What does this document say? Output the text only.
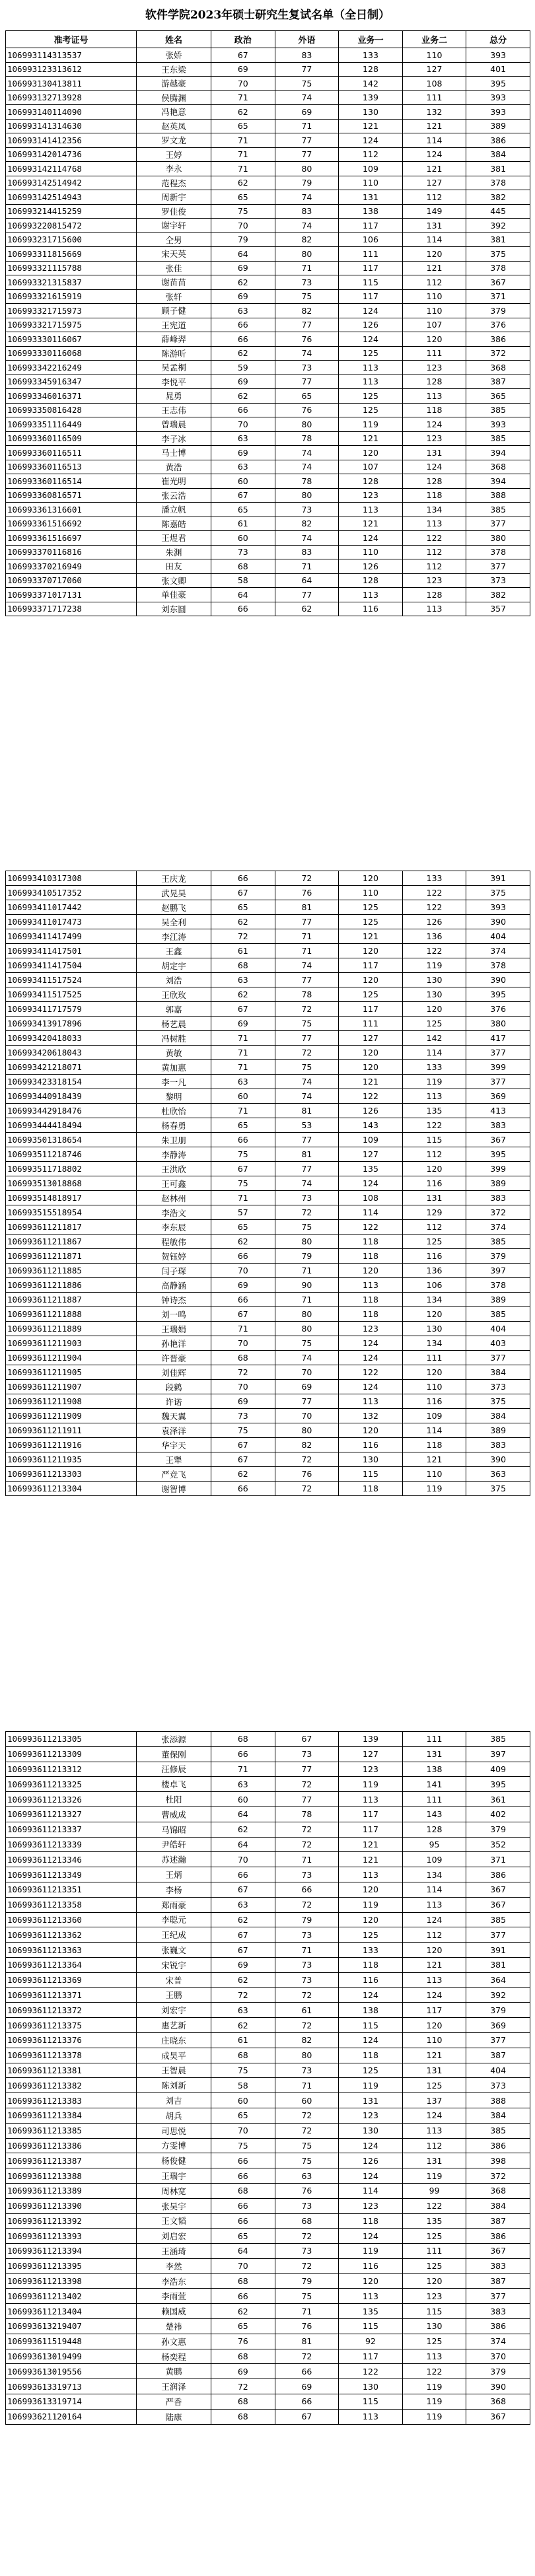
软件学院2023年硕士研究生复试名单（全日制）
准考证号	姓名	政治	外语	业务一	业务二	总分
106993114313537	张娇	67	83	133	110	393
106993123313612	王东梁	69	77	128	127	401
106993130413811	游越豪	70	75	142	108	395
106993132713928	侯腾渊	71	74	139	111	393
106993140114090	冯艳意	62	69	130	132	393
106993141314630	赵英凤	65	71	121	121	389
106993141412356	罗文龙	71	77	124	114	386
106993142014736	王婷	71	77	112	124	384
106993142114768	李永	71	80	109	121	381
106993142514942	范程杰	62	79	110	127	378
106993142514943	周新宇	65	74	131	112	382
106993214415259	罗佳俊	75	83	138	149	445
106993220815472	谢宇轩	70	74	117	131	392
106993231715600	仝男	79	82	106	114	381
106993311815669	宋天英	64	80	111	120	375
106993321115788	张佳	69	71	117	121	378
106993321315837	谢苗苗	62	73	115	112	367
106993321615919	张轩	69	75	117	110	371
106993321715973	顾子健	63	82	124	110	379
106993321715975	王宪道	66	77	126	107	376
106993330116067	薛峰羿	66	76	124	120	386
106993330116068	陈游昕	62	74	125	111	372
106993342216249	吴孟桐	59	73	113	123	368
106993345916347	李悦平	69	77	113	128	387
106993346016371	晁勇	62	65	125	113	365
106993350816428	王志伟	66	76	125	118	385
106993351116449	曾瑞晨	70	80	119	124	393
106993360116509	李子冰	63	78	121	123	385
106993360116511	马士博	69	74	120	131	394
106993360116513	黄浩	63	74	107	124	368
106993360116514	崔光明	60	78	128	128	394
106993360816571	张云浩	67	80	123	118	388
106993361316601	潘立帆	65	73	113	134	385
106993361516692	陈嘉皓	61	82	121	113	377
106993361516697	王煜君	60	74	124	122	380
106993370116816	朱渊	73	83	110	112	378
106993370216949	田友	68	71	126	112	377
106993370717060	张文卿	58	64	128	123	373
106993371017131	单佳豪	64	77	113	128	382
106993371717238	刘东圆	66	62	116	113	357
106993410317308	王庆龙	66	72	120	133	391
106993410517352	武晃昊	67	76	110	122	375
106993411017442	赵鹏飞	65	81	125	122	393
106993411017473	吴全利	62	77	125	126	390
106993411417499	李江涛	72	71	121	136	404
106993411417501	王鑫	61	71	120	122	374
106993411417504	胡定宇	68	74	117	119	378
106993411517524	刘浩	63	77	120	130	390
106993411517525	王欣玫	62	78	125	130	395
106993411717579	郭嘉	67	72	117	120	376
106993413917896	杨艺晨	69	75	111	125	380
106993420418033	冯树胜	71	77	127	142	417
106993420618043	黄敏	71	72	120	114	377
106993421218071	黄加惠	71	75	120	133	399
106993423318154	李一凡	63	74	121	119	377
106993440918439	黎明	60	74	122	113	369
106993442918476	杜欣怡	71	81	126	135	413
106993444418494	杨春勇	65	53	143	122	383
106993501318654	朱卫朋	66	77	109	115	367
106993511218746	李静涛	75	81	127	112	395
106993511718802	王洪欣	67	77	135	120	399
106993513018868	王可鑫	75	74	124	116	389
106993514818917	赵林州	71	73	108	131	383
106993515518954	李浩文	57	72	114	129	372
106993611211817	李东辰	65	75	122	112	374
106993611211867	程敏伟	62	80	118	125	385
106993611211871	贺钰婷	66	79	118	116	379
106993611211885	闫子琛	70	71	120	136	397
106993611211886	高静涵	69	90	113	106	378
106993611211887	钟诗杰	66	71	118	134	389
106993611211888	刘一鸣	67	80	118	120	385
106993611211889	王瑞娟	71	80	123	130	404
106993611211903	孙艳洋	70	75	124	134	403
106993611211904	许晋豪	68	74	124	111	377
106993611211905	刘佳辉	72	70	122	120	384
106993611211907	段鹤	70	69	124	110	373
106993611211908	许诺	69	77	113	116	375
106993611211909	魏天翼	73	70	132	109	384
106993611211911	袁泽洋	75	80	120	114	389
106993611211916	华宇天	67	82	116	118	383
106993611211935	王犟	67	72	130	121	390
106993611213303	严竞飞	62	76	115	110	363
106993611213304	谢智博	66	72	118	119	375
106993611213305	张添源	68	67	139	111	385
106993611213309	董保刚	66	73	127	131	397
106993611213312	汪修辰	71	77	123	138	409
106993611213325	楼卓飞	63	72	119	141	395
106993611213326	杜阳	60	77	113	111	361
106993611213327	曹威成	64	78	117	143	402
106993611213337	马锦昭	62	72	117	128	379
106993611213339	尹皓轩	64	72	121	95	352
106993611213346	苏述瀚	70	71	121	109	371
106993611213349	王炳	66	73	113	134	386
106993611213351	李杨	67	66	120	114	367
106993611213358	郑雨豪	63	72	119	113	367
106993611213360	李聪元	62	79	120	124	385
106993611213362	王纪成	67	73	125	112	377
106993611213363	张巍文	67	71	133	120	391
106993611213364	宋锐宇	69	73	118	121	381
106993611213369	宋普	62	73	116	113	364
106993611213371	王鹏	72	72	124	124	392
106993611213372	刘宏宇	63	61	138	117	379
106993611213375	惠艺新	62	72	115	120	369
106993611213376	庄晓东	61	82	124	110	377
106993611213378	成昊平	68	80	118	121	387
106993611213381	王智晨	75	73	125	131	404
106993611213382	陈刘新	58	71	119	125	373
106993611213383	刘吉	60	60	131	137	388
106993611213384	胡兵	65	72	123	124	384
106993611213385	司思悦	70	72	130	113	385
106993611213386	方雯博	75	75	124	112	386
106993611213387	杨俊健	66	75	126	131	398
106993611213388	王瑞宇	66	63	124	119	372
106993611213389	周林宽	68	76	114	99	368
106993611213390	张昊宇	66	73	123	122	384
106993611213392	王文韬	66	68	118	135	387
106993611213393	刘启宏	65	72	124	125	386
106993611213394	王涵琦	64	73	119	111	367
106993611213395	李然	70	72	116	125	383
106993611213398	李浩东	68	79	120	120	387
106993611213402	李雨萱	66	75	113	123	377
106993611213404	赖国威	62	71	135	115	383
106993613219407	楚祎	65	76	115	130	386
106993611519448	孙文惠	76	81	92	125	374
106993613019499	杨奕程	68	72	117	113	370
106993613019556	黄鹏	69	66	122	122	379
106993613319713	王润泽	72	69	130	119	390
106993613319714	严香	68	66	115	119	368
106993621120164	陆康	68	67	113	119	367
